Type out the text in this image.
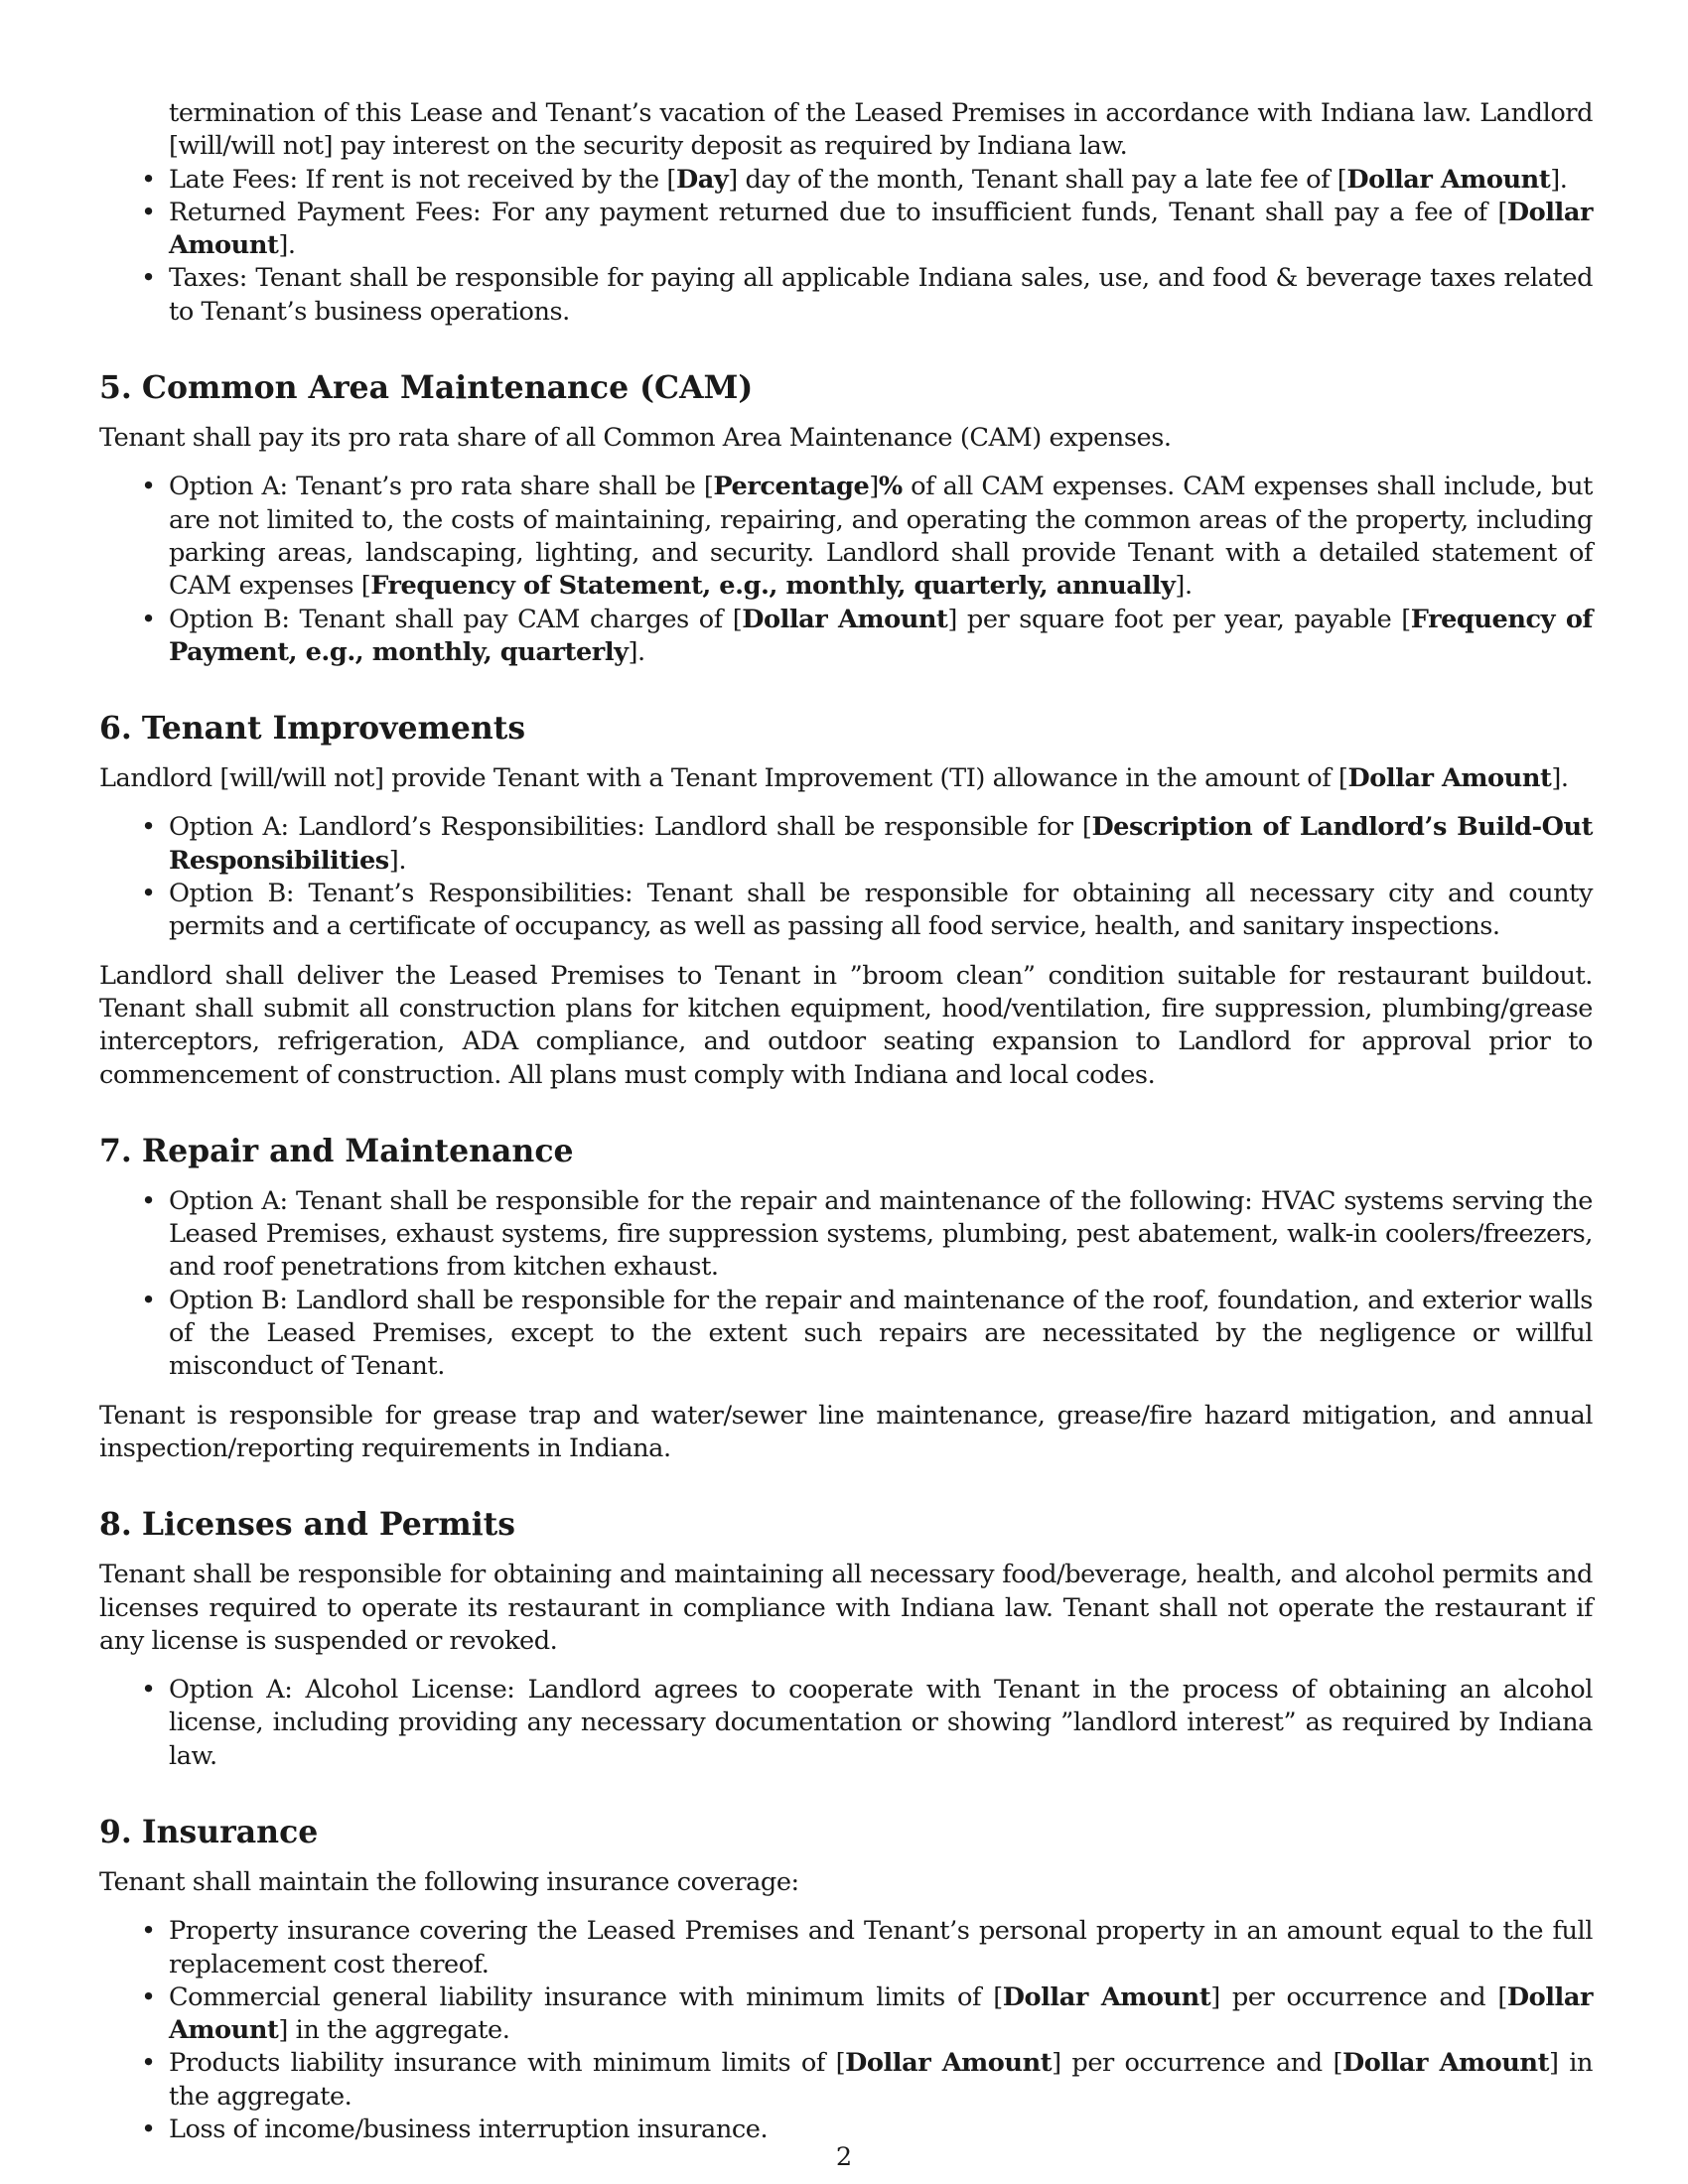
termination of this Lease and Tenant’s vacation of the Leased Premises in accordance with Indiana law. Landlord [will/will not] pay interest on the security deposit as required by Indiana law.
• Late Fees: If rent is not received by the [Day] day of the month, Tenant shall pay a late fee of [Dollar Amount].
• Returned Payment Fees: For any payment returned due to insufficient funds, Tenant shall pay a fee of [Dollar Amount].
• Taxes: Tenant shall be responsible for paying all applicable Indiana sales, use, and food & beverage taxes related to Tenant’s business operations.
5. Common Area Maintenance (CAM)

Tenant shall pay its pro rata share of all Common Area Maintenance (CAM) expenses.

• Option A: Tenant’s pro rata share shall be [Percentage]% of all CAM expenses. CAM expenses shall include, but are not limited to, the costs of maintaining, repairing, and operating the common areas of the property, including parking areas, landscaping, lighting, and security. Landlord shall provide Tenant with a detailed statement of CAM expenses [Frequency of Statement, e.g., monthly, quarterly, annually].
• Option B: Tenant shall pay CAM charges of [Dollar Amount] per square foot per year, payable [Frequency of Payment, e.g., monthly, quarterly].
6. Tenant Improvements

Landlord [will/will not] provide Tenant with a Tenant Improvement (TI) allowance in the amount of [Dollar Amount].

• Option A: Landlord’s Responsibilities: Landlord shall be responsible for [Description of Landlord’s Build-Out Responsibilities].
• Option B: Tenant’s Responsibilities: Tenant shall be responsible for obtaining all necessary city and county permits and a certificate of occupancy, as well as passing all food service, health, and sanitary inspections.

Landlord shall deliver the Leased Premises to Tenant in ”broom clean” condition suitable for restaurant buildout. Tenant shall submit all construction plans for kitchen equipment, hood/ventilation, fire suppression, plumbing/grease interceptors, refrigeration, ADA compliance, and outdoor seating expansion to Landlord for approval prior to commencement of construction. All plans must comply with Indiana and local codes.

7. Repair and Maintenance
• Option A: Tenant shall be responsible for the repair and maintenance of the following: HVAC systems serving the Leased Premises, exhaust systems, fire suppression systems, plumbing, pest abatement, walk-in coolers/freezers, and roof penetrations from kitchen exhaust.
• Option B: Landlord shall be responsible for the repair and maintenance of the roof, foundation, and exterior walls of the Leased Premises, except to the extent such repairs are necessitated by the negligence or willful misconduct of Tenant.

Tenant is responsible for grease trap and water/sewer line maintenance, grease/fire hazard mitigation, and annual inspection/reporting requirements in Indiana.

8. Licenses and Permits

Tenant shall be responsible for obtaining and maintaining all necessary food/beverage, health, and alcohol permits and licenses required to operate its restaurant in compliance with Indiana law. Tenant shall not operate the restaurant if any license is suspended or revoked.

• Option A: Alcohol License: Landlord agrees to cooperate with Tenant in the process of obtaining an alcohol license, including providing any necessary documentation or showing ”landlord interest” as required by Indiana law.
9. Insurance

Tenant shall maintain the following insurance coverage:

• Property insurance covering the Leased Premises and Tenant’s personal property in an amount equal to the full replacement cost thereof.
• Commercial general liability insurance with minimum limits of [Dollar Amount] per occurrence and [Dollar Amount] in the aggregate.
• Products liability insurance with minimum limits of [Dollar Amount] per occurrence and [Dollar Amount] in the aggregate.
• Loss of income/business interruption insurance.
2
